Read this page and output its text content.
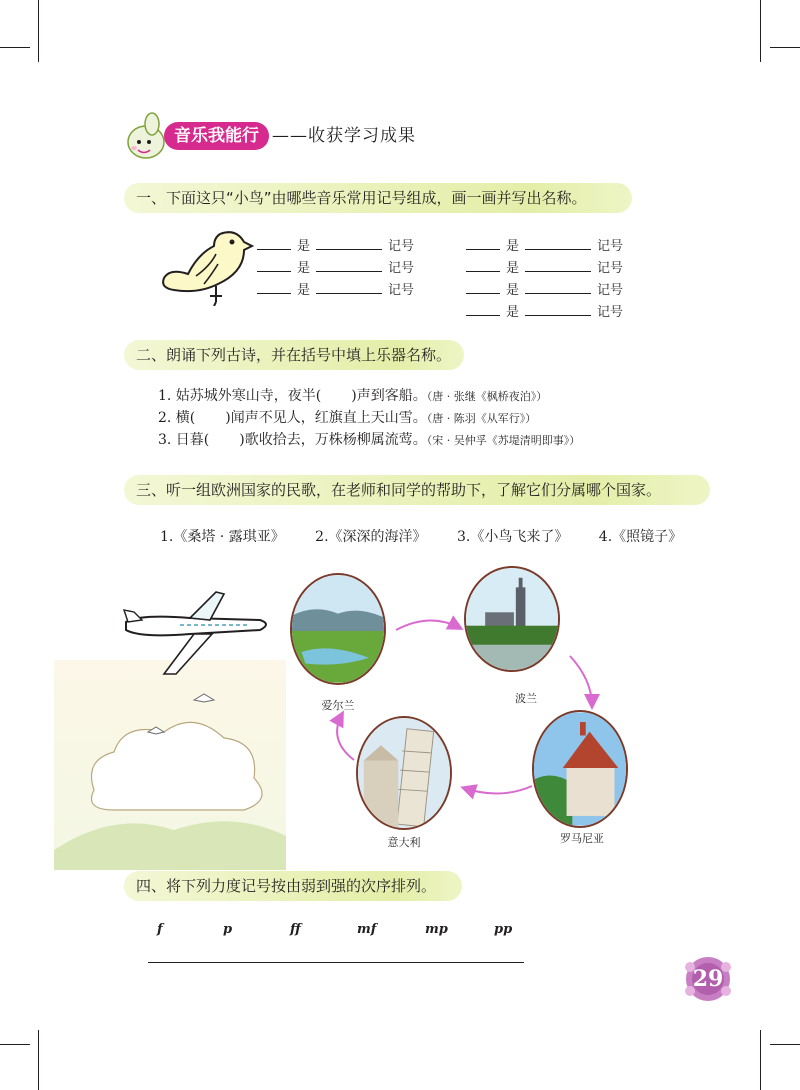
音乐我能行 ——收获学习成果
一、下面这只“小鸟”由哪些音乐常用记号组成，画一画并写出名称。
是	记号
是	记号
是	记号
是	记号
是	记号
是	记号
是	记号
二、朗诵下列古诗，并在括号中填上乐器名称。
1. 姑苏城外寒山寺，夜半( )声到客船。（唐 · 张继《枫桥夜泊》）
2. 横( )闻声不见人，红旗直上天山雪。（唐 · 陈羽《从军行》）
3. 日暮( )歌收拾去，万株杨柳属流莺。（宋 · 吴仲孚《苏堤清明即事》）
三、听一组欧洲国家的民歌，在老师和同学的帮助下，了解它们分属哪个国家。
1.《桑塔 · 露琪亚》 2.《深深的海洋》 3.《小鸟飞来了》 4.《照镜子》
爱尔兰
波兰
罗马尼亚
意大利
四、将下列力度记号按由弱到强的次序排列。
f	p	ff	mf	mp	pp
29
